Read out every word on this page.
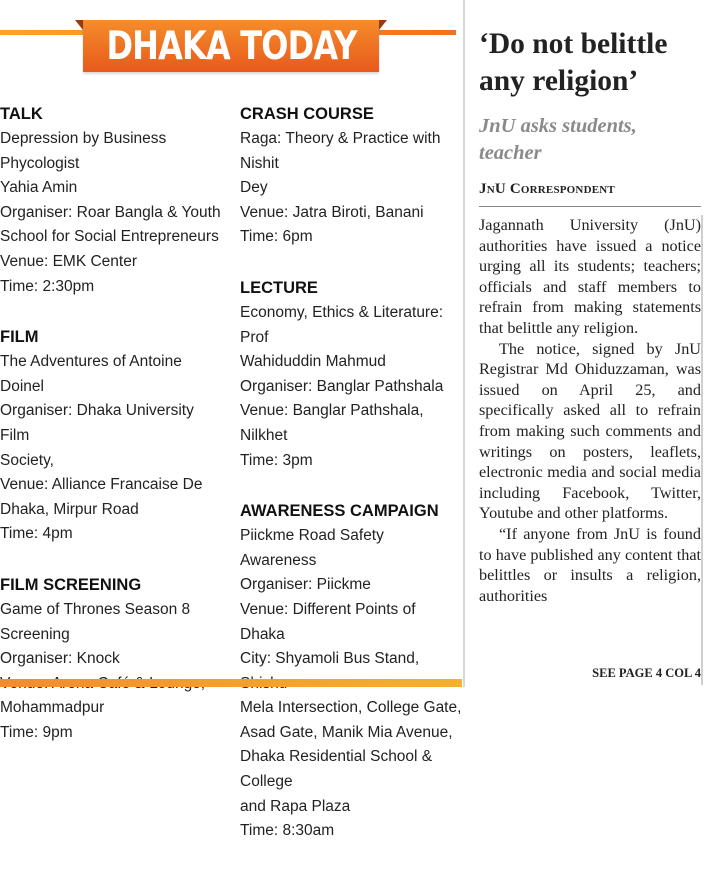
DHAKA TODAY
TALK
Depression by Business Phycologist
Yahia Amin
Organiser: Roar Bangla & Youth
School for Social Entrepreneurs
Venue: EMK Center
Time: 2:30pm
FILM
The Adventures of Antoine Doinel
Organiser: Dhaka University Film
Society,
Venue: Alliance Francaise De
Dhaka, Mirpur Road
Time: 4pm
FILM SCREENING
Game of Thrones Season 8
Screening
Organiser: Knock
Mohammadpur
Time: 9pm
CRASH COURSE
Raga: Theory & Practice with Nishit
Dey
Venue: Jatra Biroti, Banani
Time: 6pm
LECTURE
Economy, Ethics & Literature: Prof
Wahiduddin Mahmud
Organiser: Banglar Pathshala
Venue: Banglar Pathshala, Nilkhet
Time: 3pm
AWARENESS CAMPAIGN
Piickme Road Safety Awareness
Organiser: Piickme
Venue: Different Points of Dhaka
City: Shyamoli Bus Stand,
Mela Intersection, College Gate,
Asad Gate, Manik Mia Avenue,
Dhaka Residential School & College
and Rapa Plaza
Time: 8:30am
‘Do not belittle any religion’
JnU asks students, teacher
JnU Correspondent

Jagannath University (JnU) authorities have issued a notice urging all its students; teachers; officials and staff members to refrain from making statements that belittle any religion.

The notice, signed by JnU Registrar Md Ohiduzzaman, was issued on April 25, and specifically asked all to refrain from making such comments and writings on posters, leaflets, electronic media and social media including Facebook, Twitter, Youtube and other platforms.

“If anyone from JnU is found to have published any content that belittles or insults a religion, authorities

SEE PAGE 4 COL 4
